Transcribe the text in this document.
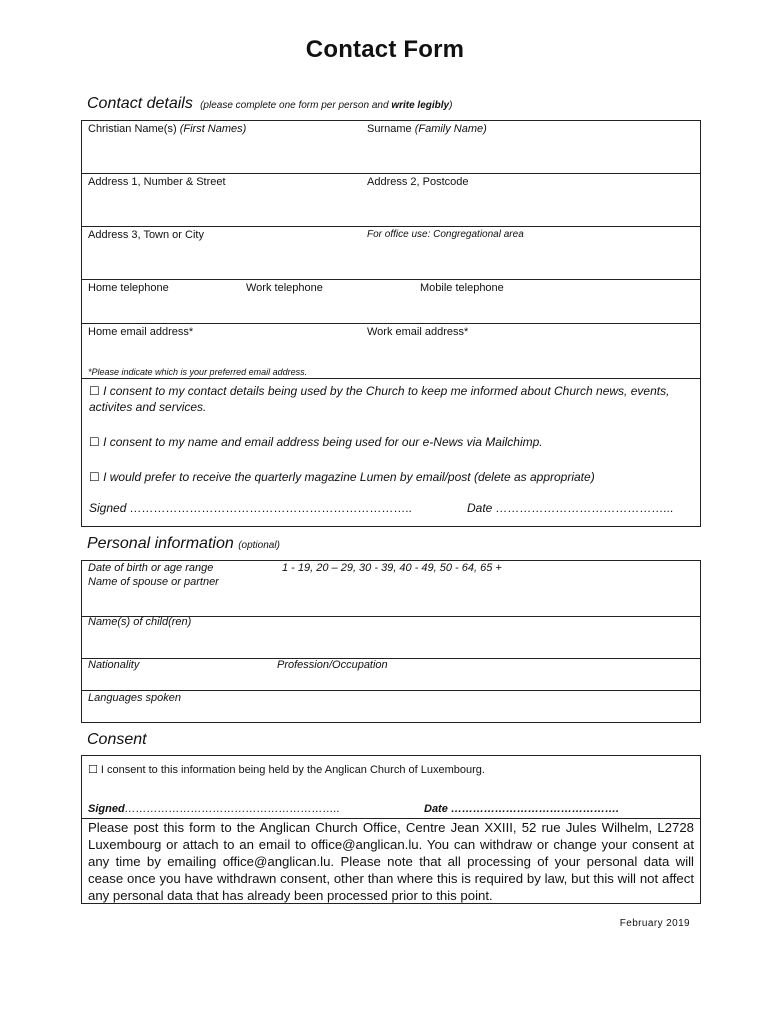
Contact Form
Contact details (please complete one form per person and write legibly)
Christian Name(s) (First Names)	Surname (Family Name)
Address 1, Number & Street	Address 2, Postcode
Address 3, Town or City	For office use: Congregational area
Home telephone	Work telephone	Mobile telephone
Home email address*	Work email address*
*Please indicate which is your preferred email address.
☐ I consent to my contact details being used by the Church to keep me informed about Church news, events,
activites and services.
☐ I consent to my name and email address being used for our e-News via Mailchimp.
☐ I would prefer to receive the quarterly magazine Lumen by email/post (delete as appropriate)
Signed ……………………………………………………………..	Date ……………………………………...
Personal information (optional)
Date of birth or age range	1 - 19, 20 – 29, 30 - 39, 40 - 49, 50 - 64, 65 +
Name of spouse or partner
Name(s) of child(ren)
Nationality	Profession/Occupation
Languages spoken
Consent
☐ I consent to this information being held by the Anglican Church of Luxembourg.
Signed…………………………………………………..	Date ……………………………………….
Please post this form to the Anglican Church Office, Centre Jean XXIII, 52 rue Jules Wilhelm, L2728 Luxembourg or attach to an email to office@anglican.lu. You can withdraw or change your consent at any time by emailing office@anglican.lu. Please note that all processing of your personal data will cease once you have withdrawn consent, other than where this is required by law, but this will not affect any personal data that has already been processed prior to this point.
February 2019
